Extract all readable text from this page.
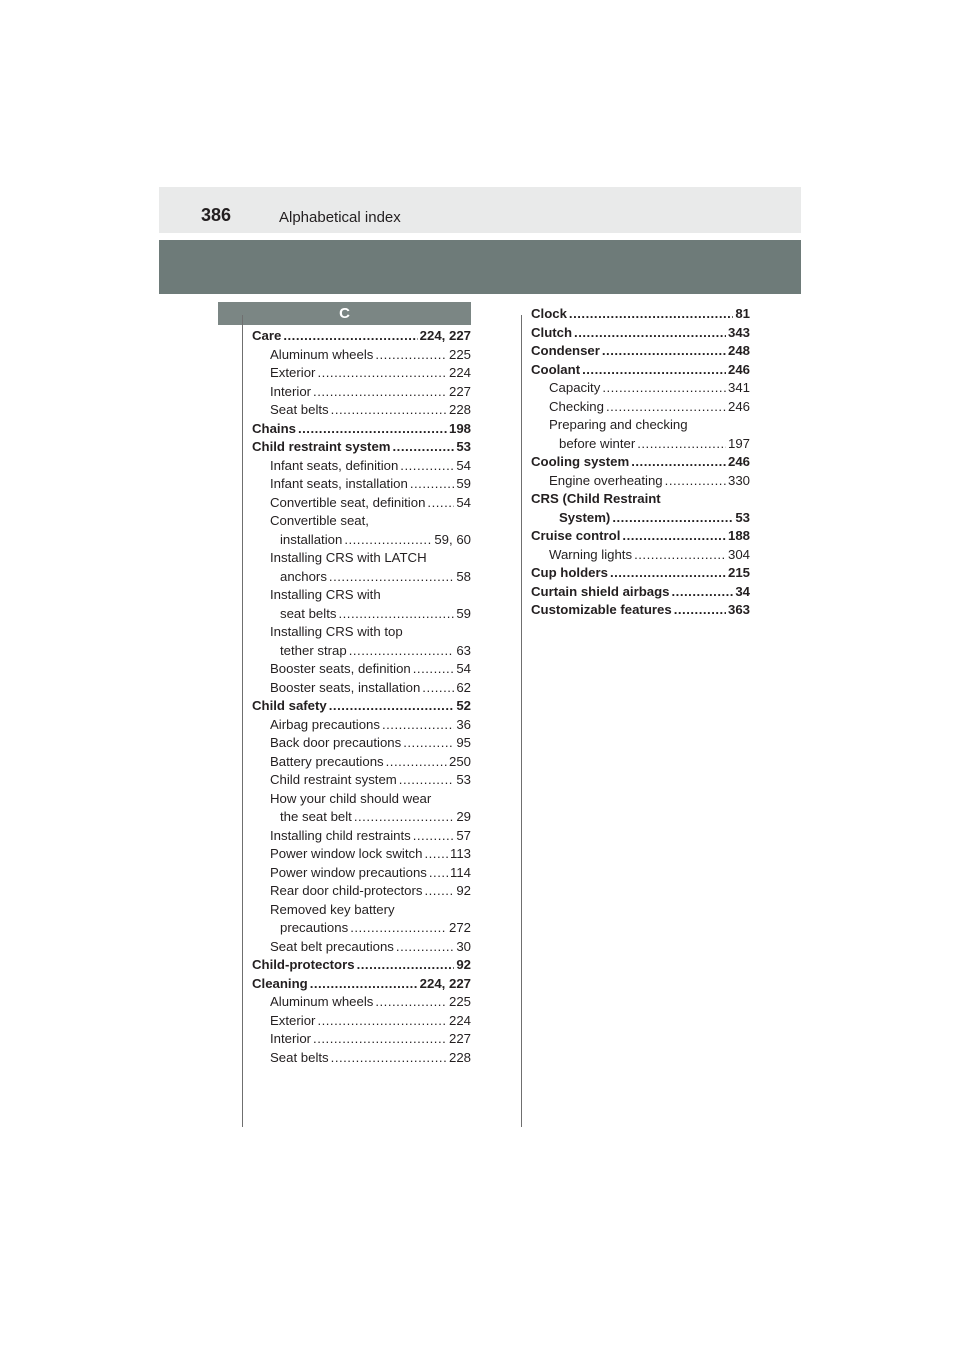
386	Alphabetical index
C
Care .....	224, 227
Aluminum wheels .....	225
Exterior .....	224
Interior .....	227
Seat belts .....	228
Chains .....	198
Child restraint system .....	53
Infant seats, definition .....	54
Infant seats, installation .....	59
Convertible seat, definition ..... 54
Convertible seat,
installation .....	59, 60
Installing CRS with LATCH
anchors .....	58
Installing CRS with
seat belts .....	59
Installing CRS with top
tether strap .....	63
Booster seats, definition .....	54
Booster seats, installation .....	62
Child safety .....	52
Airbag precautions .....	36
Back door precautions .....	95
Battery precautions .....	250
Child restraint system .....	53
How your child should wear
the seat belt .....	29
Installing child restraints .....	57
Power window lock switch ..... 113
Power window precautions ..... 114
Rear door child-protectors .....	92
Removed key battery
precautions .....	272
Seat belt precautions .....	30
Child-protectors .....	92
Cleaning .....	224, 227
Aluminum wheels .....	225
Exterior .....	224
Interior .....	227
Seat belts .....	228
Clock .....	81
Clutch .....	343
Condenser .....	248
Coolant .....	246
Capacity .....	341
Checking .....	246
Preparing and checking
before winter .....	197
Cooling system .....	246
Engine overheating .....	330
CRS (Child Restraint
System) .....	53
Cruise control .....	188
Warning lights .....	304
Cup holders .....	215
Curtain shield airbags .....	34
Customizable features .....	363
